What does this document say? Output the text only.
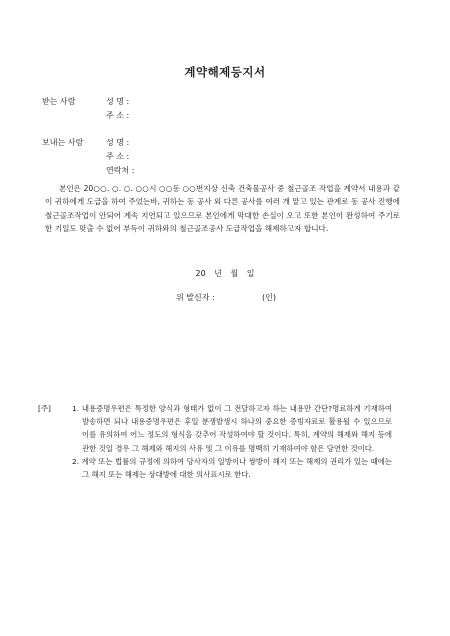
계약해제등지서
받는 사람	성 명 :
주 소 :
보내는 사람	성 명 :
주 소 :
연락처 :
본인은 20○○. ○. ○. ○○시 ○○동 ○○번지상 신축 건축물공사 중 철근골조 작업을 계약서 내용과 같이 귀하에게 도급을 하여 주었는바, 귀하는 동 공사 외 다른 공사를 여러 개 맡고 있는 관계로 동 공사 진행에 철근골조작업이 안되어 계속 지연되고 있으므로 본인에게 막대한 손실이 오고 또한 본인이 완성하여 주기로 한 기일도 맞출 수 없어 부득이 귀하와의 철근골조공사 도급작업을 해제하고자 합니다.
20 년 월 일
위 발신자 :	(인)
[주]	1. 내용증명우편은 특정한 양식과 형태가 없이 그 전달하고자 하는 내용만 간단?명료하게 기재하여 발송하면 되나 내용증명우편은 후일 분쟁발생시 하나의 중요한 증빙자료로 활용될 수 있으므로 이를 유의하여 어느 정도의 형식을 갖추어 작성하여야 할 것이다. 특히, 계약의 해제와 해지 등에 관한 것일 경우 그 해제와 해지의 사유 및 그 이유를 명백히 기재하여야 함은 당연한 것이다.
2. 계약 또는 법률의 규정에 의하여 당사자의 일방이나 쌍방이 해지 또는 해제의 권리가 있는 때에는 그 해지 또는 해제는 상대방에 대한 의사표시로 한다.
